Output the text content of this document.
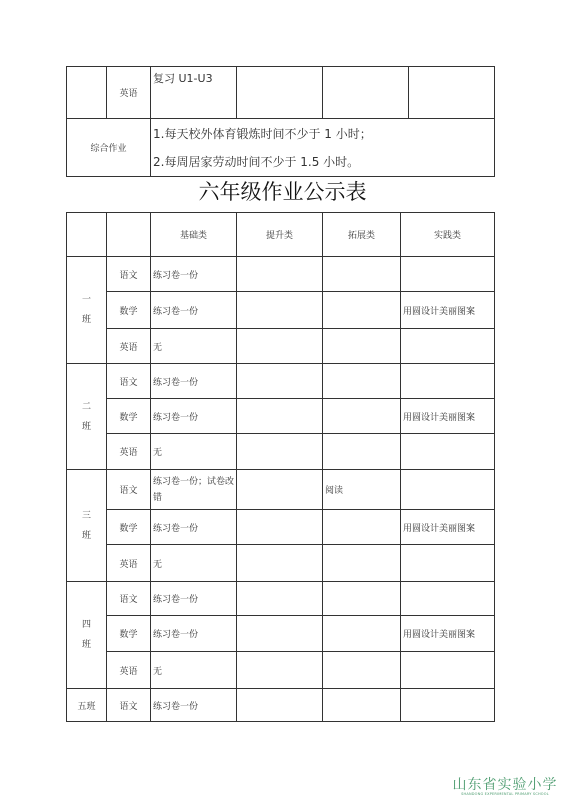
	英语	复习 U1-U3			
综合作业		1.每天校外体育锻炼时间不少于 1 小时；
2.每周居家劳动时间不少于 1.5 小时。			
六年级作业公示表
		基础类	提升类	拓展类	实践类

一
班	语文	练习卷一份			
	数学	练习卷一份			用圆设计美丽图案
	英语	无			

二
班	语文	练习卷一份			
	数学	练习卷一份			用圆设计美丽图案
	英语	无			

三
班	语文	练习卷一份；试卷改错		阅读	
	数学	练习卷一份			用圆设计美丽图案
	英语	无			

四
班	语文	练习卷一份			
	数学	练习卷一份			用圆设计美丽图案
	英语	无			
五班	语文	练习卷一份			
山东省实验小学
SHANDONG EXPERIMENTAL PRIMARY SCHOOL
